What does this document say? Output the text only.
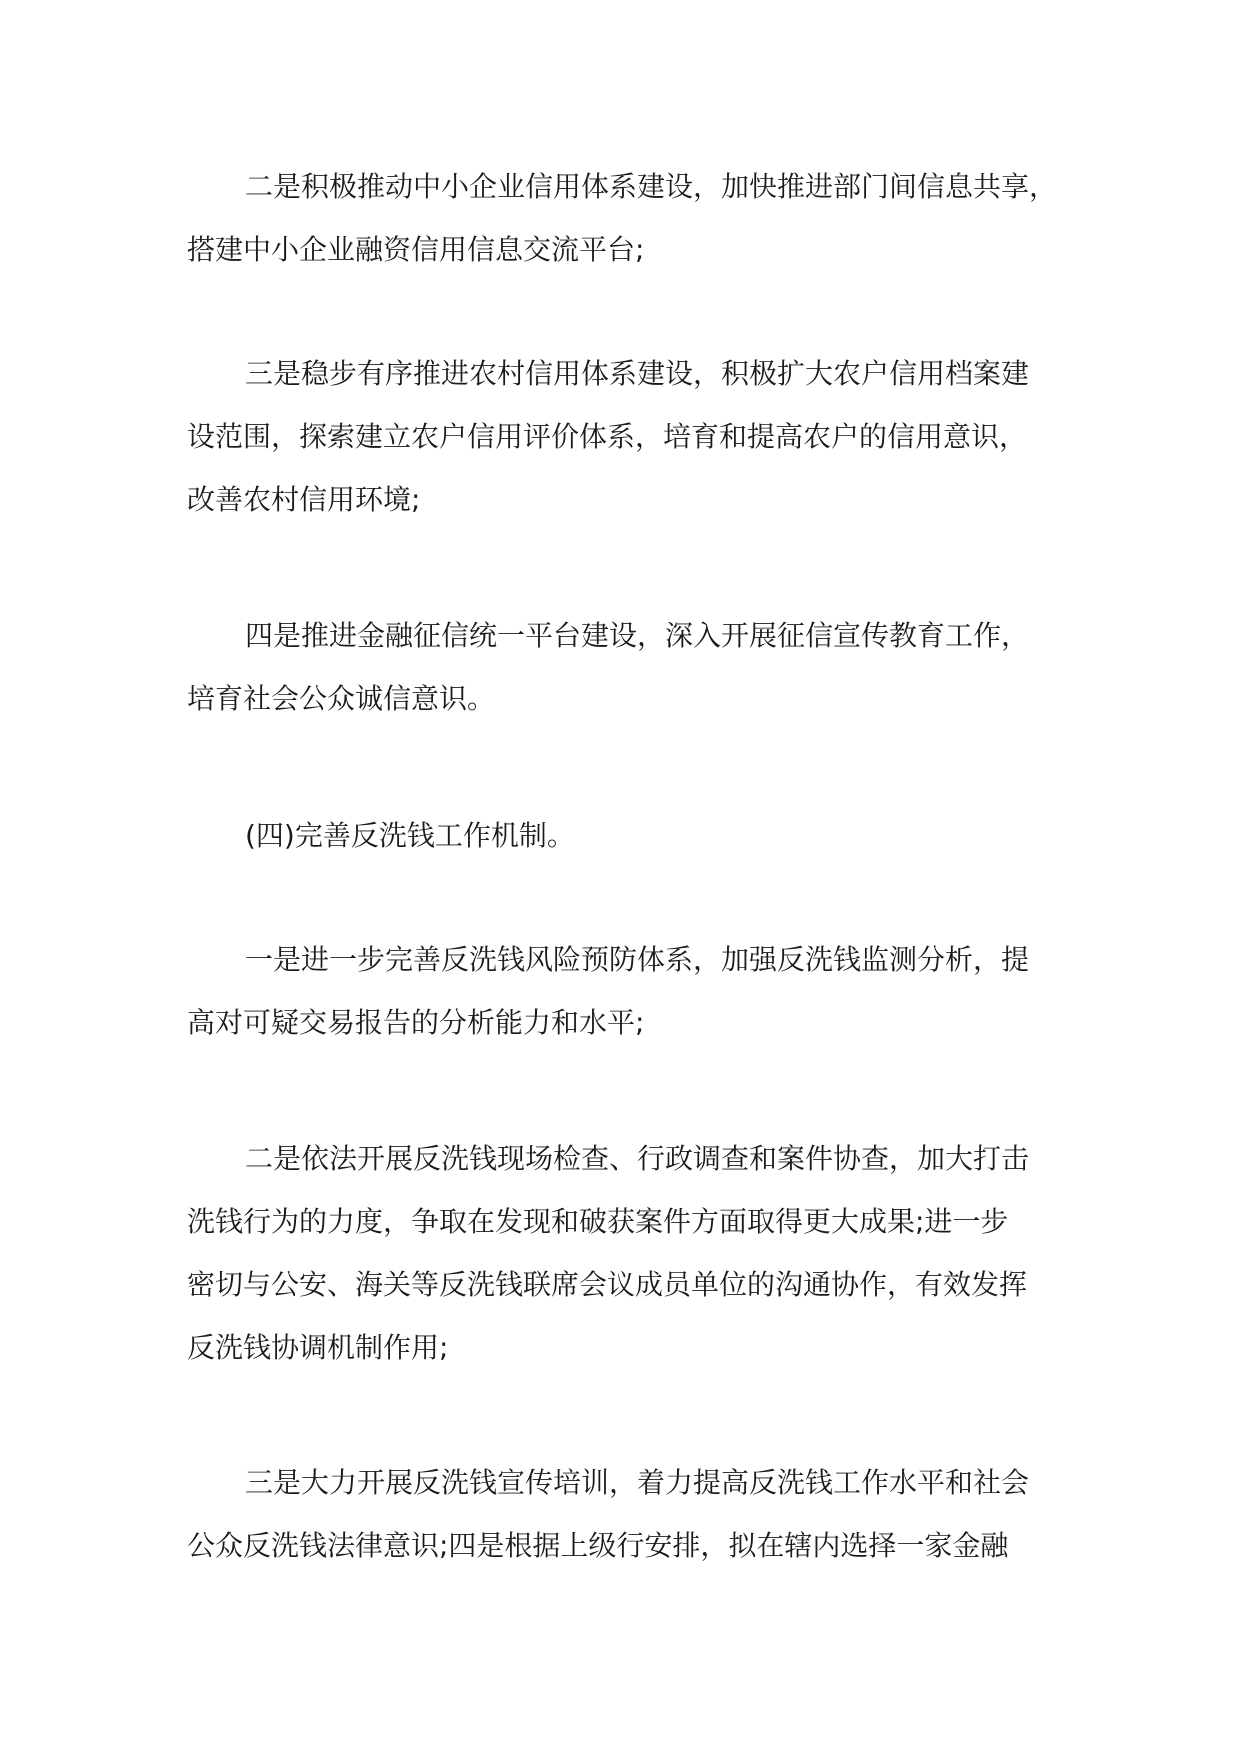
二是积极推动中小企业信用体系建设，加快推进部门间信息共享，
搭建中小企业融资信用信息交流平台;
三是稳步有序推进农村信用体系建设，积极扩大农户信用档案建
设范围，探索建立农户信用评价体系，培育和提高农户的信用意识，
改善农村信用环境;
四是推进金融征信统一平台建设，深入开展征信宣传教育工作，
培育社会公众诚信意识。
(四)完善反洗钱工作机制。
一是进一步完善反洗钱风险预防体系，加强反洗钱监测分析，提
高对可疑交易报告的分析能力和水平;
二是依法开展反洗钱现场检查、行政调查和案件协查，加大打击
洗钱行为的力度，争取在发现和破获案件方面取得更大成果;进一步
密切与公安、海关等反洗钱联席会议成员单位的沟通协作，有效发挥
反洗钱协调机制作用;
三是大力开展反洗钱宣传培训，着力提高反洗钱工作水平和社会
公众反洗钱法律意识;四是根据上级行安排，拟在辖内选择一家金融
